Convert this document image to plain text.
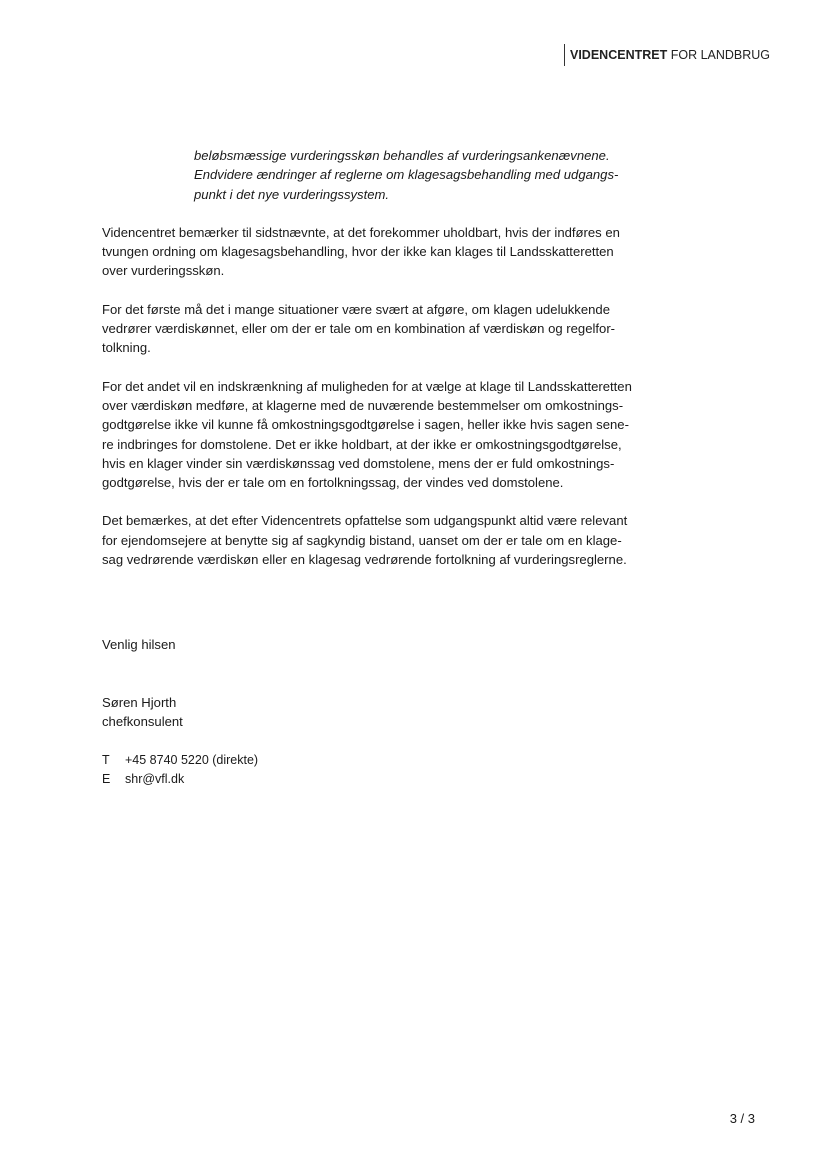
VIDENCENTRET FOR LANDBRUG
beløbsmæssige vurderingsskøn behandles af vurderingsankenævnene.
Endvidere ændringer af reglerne om klagesagsbehandling med udgangs-
punkt i det nye vurderingssystem.
Videncentret bemærker til sidstnævnte, at det forekommer uholdbart, hvis der indføres en
tvungen ordning om klagesagsbehandling, hvor der ikke kan klages til Landsskatteretten
over vurderingsskøn.
For det første må det i mange situationer være svært at afgøre, om klagen udelukkende
vedrører værdiskønnet, eller om der er tale om en kombination af værdiskøn og regelfor-
tolkning.
For det andet vil en indskrænkning af muligheden for at vælge at klage til Landsskatteretten
over værdiskøn medføre, at klagerne med de nuværende bestemmelser om omkostnings-
godtgørelse ikke vil kunne få omkostningsgodtgørelse i sagen, heller ikke hvis sagen sene-
re indbringes for domstolene. Det er ikke holdbart, at der ikke er omkostningsgodtgørelse,
hvis en klager vinder sin værdiskønssag ved domstolene, mens der er fuld omkostnings-
godtgørelse, hvis der er tale om en fortolkningssag, der vindes ved domstolene.
Det bemærkes, at det efter Videncentrets opfattelse som udgangspunkt altid være relevant
for ejendomsejere at benytte sig af sagkyndig bistand, uanset om der er tale om en klage-
sag vedrørende værdiskøn eller en klagesag vedrørende fortolkning af vurderingsreglerne.
Venlig hilsen
Søren Hjorth
chefkonsulent
T	+45 8740 5220 (direkte)
E	shr@vfl.dk
3 / 3
